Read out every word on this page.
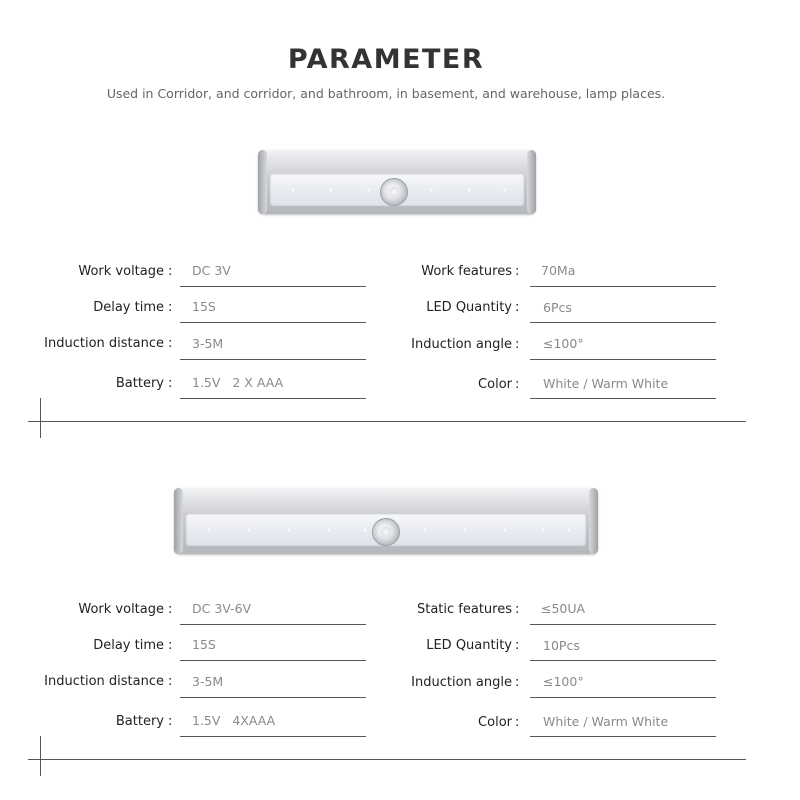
PARAMETER
Used in Corridor, and corridor, and bathroom, in basement, and warehouse, lamp places.
Work voltage : DC 3V
Delay time : 15S
Induction distance : 3-5M
Battery : 1.5V   2 X AAA
Work features : 70Ma
LED Quantity : 6Pcs
Induction angle : ≤100°
Color : White / Warm White
Work voltage : DC 3V-6V
Delay time : 15S
Induction distance : 3-5M
Battery : 1.5V   4XAAA
Static features : ≤50UA
LED Quantity : 10Pcs
Induction angle : ≤100°
Color : White / Warm White
